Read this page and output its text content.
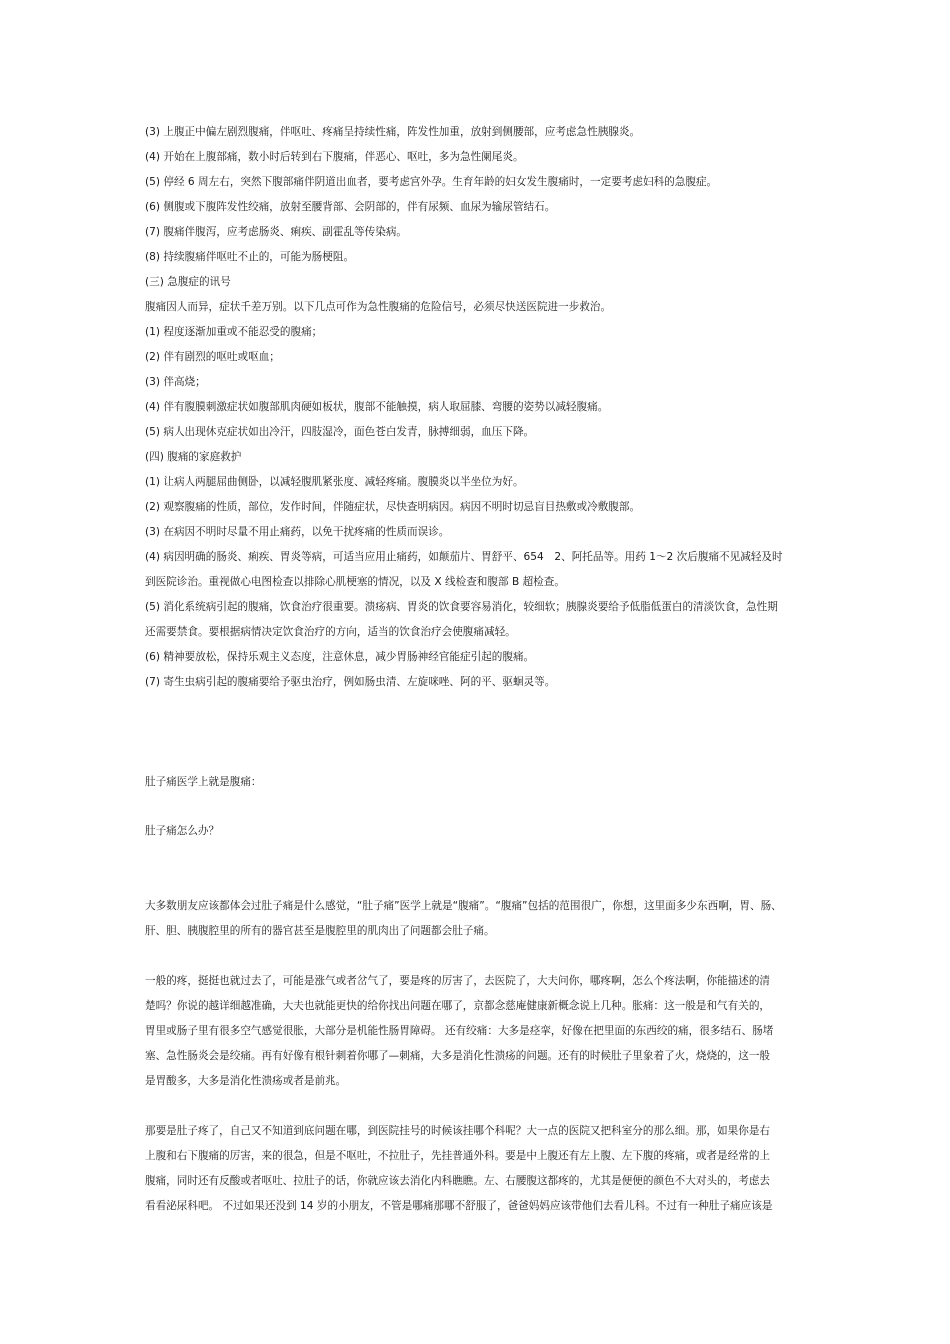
(3) 上腹正中偏左剧烈腹痛，伴呕吐、疼痛呈持续性痛，阵发性加重，放射到侧腰部，应考虑急性胰腺炎。
(4) 开始在上腹部痛，数小时后转到右下腹痛，伴恶心、呕吐，多为急性阑尾炎。
(5) 停经 6 周左右，突然下腹部痛伴阴道出血者，要考虑宫外孕。生育年龄的妇女发生腹痛时，一定要考虑妇科的急腹症。
(6) 侧腹或下腹阵发性绞痛，放射至腰背部、会阴部的，伴有尿频、血尿为输尿管结石。
(7) 腹痛伴腹泻，应考虑肠炎、痢疾、副霍乱等传染病。
(8) 持续腹痛伴呕吐不止的，可能为肠梗阻。
(三) 急腹症的讯号
腹痛因人而异，症状千差万别。以下几点可作为急性腹痛的危险信号，必须尽快送医院进一步救治。
(1) 程度逐渐加重或不能忍受的腹痛；
(2) 伴有剧烈的呕吐或呕血；
(3) 伴高烧；
(4) 伴有腹膜刺激症状如腹部肌肉硬如板状，腹部不能触摸，病人取屈膝、弯腰的姿势以减轻腹痛。
(5) 病人出现休克症状如出冷汗，四肢湿冷，面色苍白发青，脉搏细弱，血压下降。
(四) 腹痛的家庭救护
(1) 让病人两腿屈曲侧卧，以减轻腹肌紧张度、减轻疼痛。腹膜炎以半坐位为好。
(2) 观察腹痛的性质，部位，发作时间，伴随症状，尽快查明病因。病因不明时切忌盲目热敷或冷敷腹部。
(3) 在病因不明时尽量不用止痛药，以免干扰疼痛的性质而误诊。
(4) 病因明确的肠炎、痢疾、胃炎等病，可适当应用止痛药，如颠茄片、胃舒平、654　2、阿托品等。用药 1～2 次后腹痛不见减轻及时
到医院诊治。重视做心电图检查以排除心肌梗塞的情况，以及 X 线检查和腹部 B 超检查。
(5) 消化系统病引起的腹痛，饮食治疗很重要。溃疡病、胃炎的饮食要容易消化，较细软；胰腺炎要给予低脂低蛋白的清淡饮食，急性期
还需要禁食。要根据病情决定饮食治疗的方向，适当的饮食治疗会使腹痛减轻。
(6) 精神要放松，保持乐观主义态度，注意休息，减少胃肠神经官能症引起的腹痛。
(7) 寄生虫病引起的腹痛要给予驱虫治疗，例如肠虫清、左旋咪唑、阿的平、驱蛔灵等。
肚子痛医学上就是腹痛：
肚子痛怎么办？
大多数朋友应该都体会过肚子痛是什么感觉，“肚子痛”医学上就是“腹痛”。“腹痛”包括的范围很广，你想，这里面多少东西啊，胃、肠、
肝、胆、胰腹腔里的所有的器官甚至是腹腔里的肌肉出了问题都会肚子痛。
一般的疼，挺挺也就过去了，可能是涨气或者岔气了，要是疼的厉害了，去医院了，大夫问你，哪疼啊，怎么个疼法啊，你能描述的清
楚吗？你说的越详细越准确，大夫也就能更快的给你找出问题在哪了，京都念慈庵健康新概念说上几种。胀痛：这一般是和气有关的，
胃里或肠子里有很多空气感觉很胀，大部分是机能性肠胃障碍。 还有绞痛：大多是痉挛，好像在把里面的东西绞的痛，很多结石、肠堵
塞、急性肠炎会是绞痛。再有好像有根针刺着你哪了—刺痛，大多是消化性溃疡的问题。还有的时候肚子里象着了火，烧烧的，这一般
是胃酸多，大多是消化性溃疡或者是前兆。
那要是肚子疼了，自己又不知道到底问题在哪，到医院挂号的时候该挂哪个科呢？大一点的医院又把科室分的那么细。那，如果你是右
上腹和右下腹痛的厉害，来的很急，但是不呕吐，不拉肚子，先挂普通外科。要是中上腹还有左上腹、左下腹的疼痛，或者是经常的上
腹痛，同时还有反酸或者呕吐、拉肚子的话，你就应该去消化内科瞧瞧。左、右腰腹这都疼的，尤其是便便的颜色不大对头的，考虑去
看看泌尿科吧。 不过如果还没到 14 岁的小朋友，不管是哪痛那哪不舒服了，爸爸妈妈应该带他们去看儿科。不过有一种肚子痛应该是
